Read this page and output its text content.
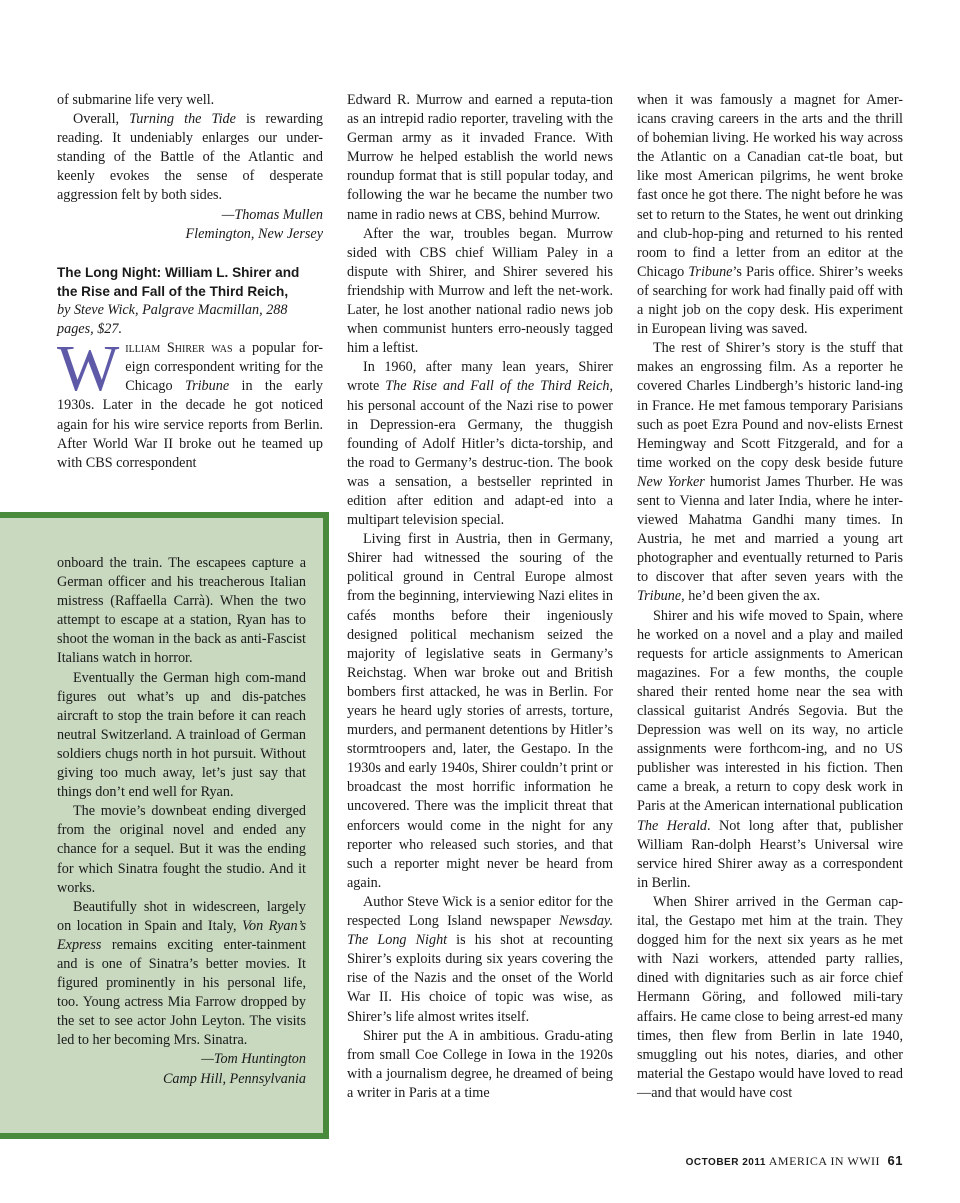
of submarine life very well.

Overall, Turning the Tide is rewarding reading. It undeniably enlarges our under-standing of the Battle of the Atlantic and keenly evokes the sense of desperate aggression felt by both sides.

—Thomas Mullen

Flemington, New Jersey

The Long Night: William L. Shirer and the Rise and Fall of the Third Reich,
by Steve Wick, Palgrave Macmillan, 288 pages, $27.

William Shirer was a popular for-eign correspondent writing for the Chicago Tribune in the early 1930s. Later in the decade he got noticed again for his wire service reports from Berlin. After World War II broke out he teamed up with CBS correspondent

onboard the train. The escapees capture a German officer and his treacherous Italian mistress (Raffaella Carrà). When the two attempt to escape at a station, Ryan has to shoot the woman in the back as anti-Fascist Italians watch in horror.

Eventually the German high com-mand figures out what’s up and dis-patches aircraft to stop the train before it can reach neutral Switzerland. A trainload of German soldiers chugs north in hot pursuit. Without giving too much away, let’s just say that things don’t end well for Ryan.

The movie’s downbeat ending diverged from the original novel and ended any chance for a sequel. But it was the ending for which Sinatra fought the studio. And it works.

Beautifully shot in widescreen, largely on location in Spain and Italy, Von Ryan’s Express remains exciting enter-tainment and is one of Sinatra’s better movies. It figured prominently in his personal life, too. Young actress Mia Farrow dropped by the set to see actor John Leyton. The visits led to her becoming Mrs. Sinatra.

—Tom Huntington

Camp Hill, Pennsylvania

Edward R. Murrow and earned a reputa-tion as an intrepid radio reporter, traveling with the German army as it invaded France. With Murrow he helped establish the world news roundup format that is still popular today, and following the war he became the number two name in radio news at CBS, behind Murrow.

After the war, troubles began. Murrow sided with CBS chief William Paley in a dispute with Shirer, and Shirer severed his friendship with Murrow and left the net-work. Later, he lost another national radio news job when communist hunters erro-neously tagged him a leftist.

In 1960, after many lean years, Shirer wrote The Rise and Fall of the Third Reich, his personal account of the Nazi rise to power in Depression-era Germany, the thuggish founding of Adolf Hitler’s dicta-torship, and the road to Germany’s destruc-tion. The book was a sensation, a bestseller reprinted in edition after edition and adapt-ed into a multipart television special.

Living first in Austria, then in Germany, Shirer had witnessed the souring of the political ground in Central Europe almost from the beginning, interviewing Nazi elites in cafés months before their ingeniously designed political mechanism seized the majority of legislative seats in Germany’s Reichstag. When war broke out and British bombers first attacked, he was in Berlin. For years he heard ugly stories of arrests, torture, murders, and permanent detentions by Hitler’s stormtroopers and, later, the Gestapo. In the 1930s and early 1940s, Shirer couldn’t print or broadcast the most horrific information he uncovered. There was the implicit threat that enforcers would come in the night for any reporter who released such stories, and that such a reporter might never be heard from again.

Author Steve Wick is a senior editor for the respected Long Island newspaper Newsday. The Long Night is his shot at recounting Shirer’s exploits during six years covering the rise of the Nazis and the onset of the World War II. His choice of topic was wise, as Shirer’s life almost writes itself.

Shirer put the A in ambitious. Gradu-ating from small Coe College in Iowa in the 1920s with a journalism degree, he dreamed of being a writer in Paris at a time

when it was famously a magnet for Amer-icans craving careers in the arts and the thrill of bohemian living. He worked his way across the Atlantic on a Canadian cat-tle boat, but like most American pilgrims, he went broke fast once he got there. The night before he was set to return to the States, he went out drinking and club-hop-ping and returned to his rented room to find a letter from an editor at the Chicago Tribune’s Paris office. Shirer’s weeks of searching for work had finally paid off with a night job on the copy desk. His experiment in European living was saved.

The rest of Shirer’s story is the stuff that makes an engrossing film. As a reporter he covered Charles Lindbergh’s historic land-ing in France. He met famous temporary Parisians such as poet Ezra Pound and nov-elists Ernest Hemingway and Scott Fitzgerald, and for a time worked on the copy desk beside future New Yorker humorist James Thurber. He was sent to Vienna and later India, where he inter-viewed Mahatma Gandhi many times. In Austria, he met and married a young art photographer and eventually returned to Paris to discover that after seven years with the Tribune, he’d been given the ax.

Shirer and his wife moved to Spain, where he worked on a novel and a play and mailed requests for article assignments to American magazines. For a few months, the couple shared their rented home near the sea with classical guitarist Andrés Segovia. But the Depression was well on its way, no article assignments were forthcom-ing, and no US publisher was interested in his fiction. Then came a break, a return to copy desk work in Paris at the American international publication The Herald. Not long after that, publisher William Ran-dolph Hearst’s Universal wire service hired Shirer away as a correspondent in Berlin.

When Shirer arrived in the German cap-ital, the Gestapo met him at the train. They dogged him for the next six years as he met with Nazi workers, attended party rallies, dined with dignitaries such as air force chief Hermann Göring, and followed mili-tary affairs. He came close to being arrest-ed many times, then flew from Berlin in late 1940, smuggling out his notes, diaries, and other material the Gestapo would have loved to read—and that would have cost

OCTOBER 2011 AMERICA IN WWII 61
